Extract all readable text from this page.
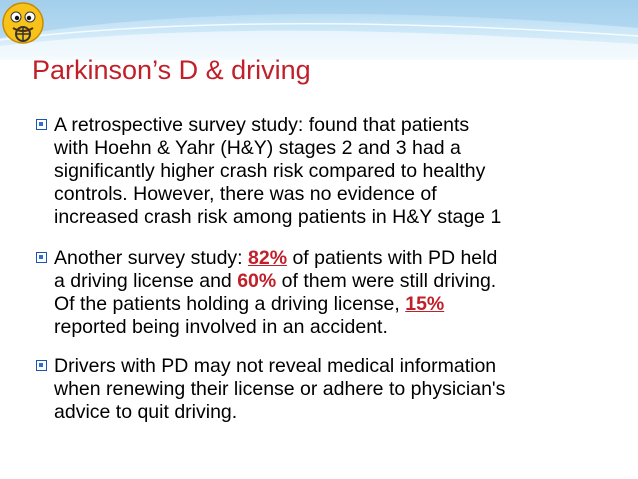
Parkinson’s D & driving
A retrospective survey study: found that patients
with Hoehn & Yahr (H&Y) stages 2 and 3 had a
significantly higher crash risk compared to healthy
controls. However, there was no evidence of
increased crash risk among patients in H&Y stage 1
Another survey study: 82% of patients with PD held
a driving license and 60% of them were still driving.
Of the patients holding a driving license, 15%
reported being involved in an accident.
Drivers with PD may not reveal medical information
when renewing their license or adhere to physician's
advice to quit driving.
